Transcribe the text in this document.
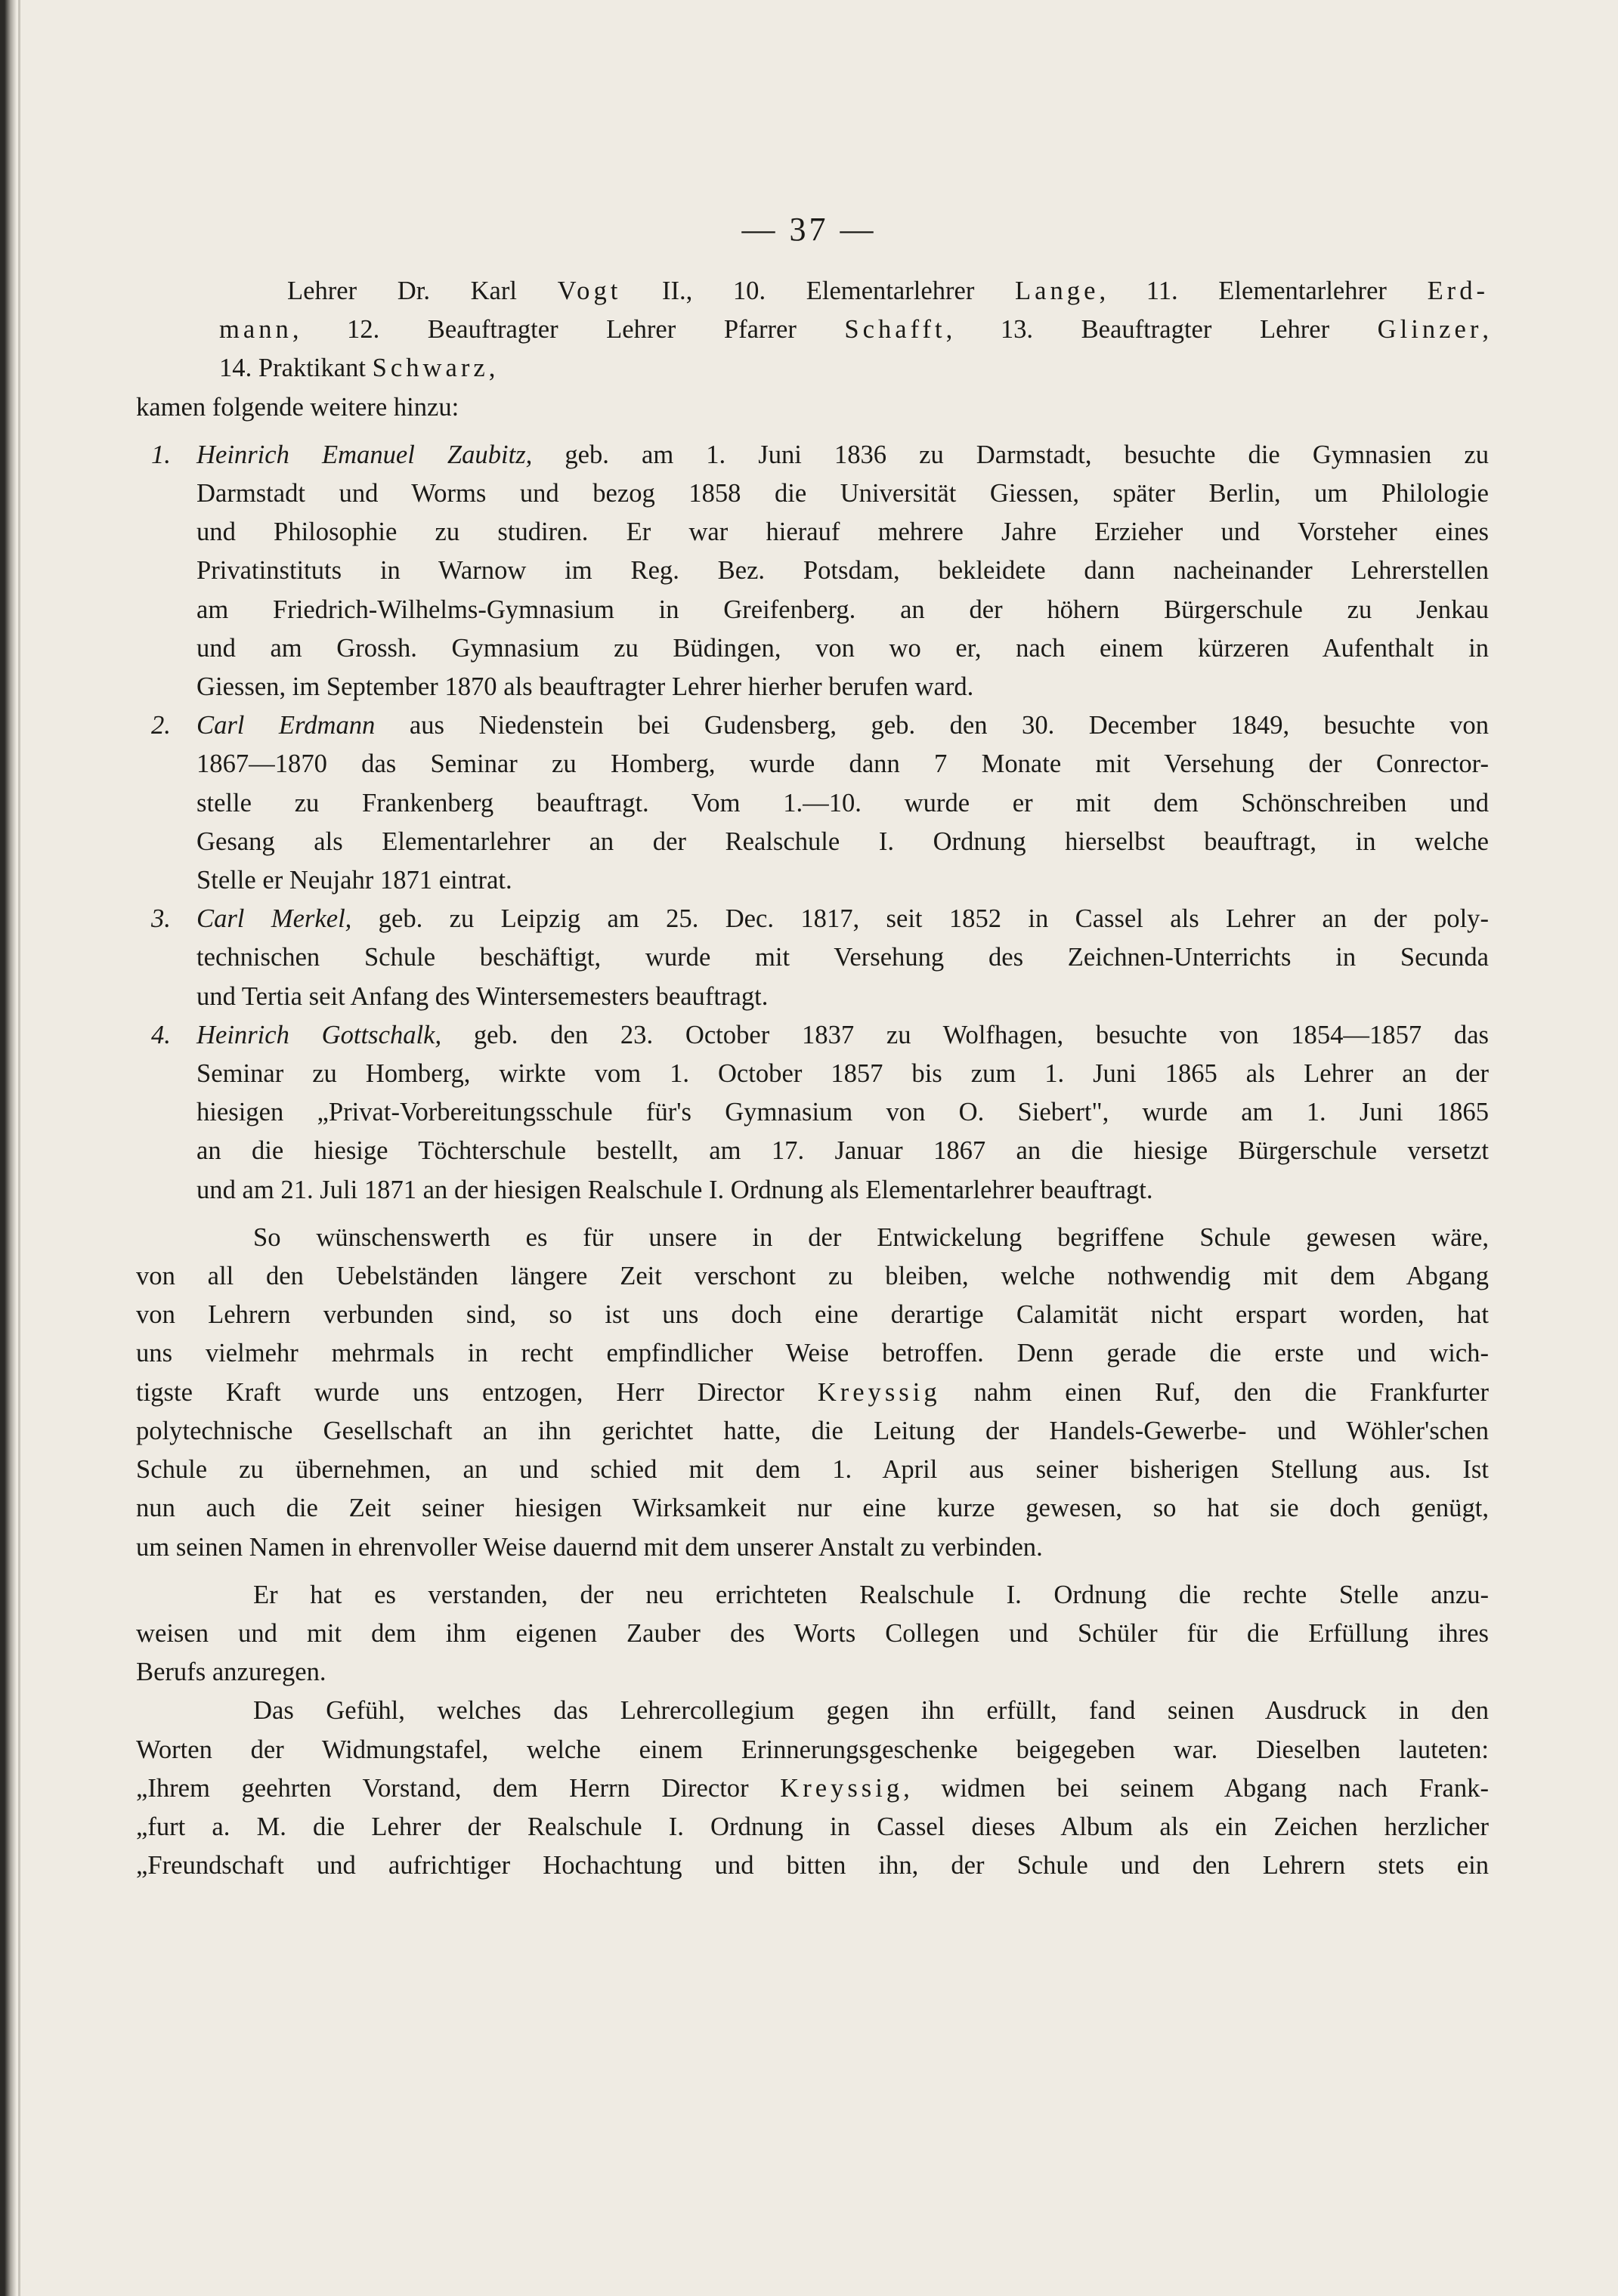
— 37 —
Lehrer Dr. Karl Vogt II., 10. Elementarlehrer Lange, 11. Elementarlehrer Erd-
mann, 12. Beauftragter Lehrer Pfarrer Schafft, 13. Beauftragter Lehrer Glinzer,
14. Praktikant Schwarz,
kamen folgende weitere hinzu:
1. Heinrich Emanuel Zaubitz, geb. am 1. Juni 1836 zu Darmstadt, besuchte die Gymnasien zu
Darmstadt und Worms und bezog 1858 die Universität Giessen, später Berlin, um Philologie
und Philosophie zu studiren. Er war hierauf mehrere Jahre Erzieher und Vorsteher eines
Privatinstituts in Warnow im Reg. Bez. Potsdam, bekleidete dann nacheinander Lehrerstellen
am Friedrich-Wilhelms-Gymnasium in Greifenberg. an der höhern Bürgerschule zu Jenkau
und am Grossh. Gymnasium zu Büdingen, von wo er, nach einem kürzeren Aufenthalt in
Giessen, im September 1870 als beauftragter Lehrer hierher berufen ward.
2. Carl Erdmann aus Niedenstein bei Gudensberg, geb. den 30. December 1849, besuchte von
1867—1870 das Seminar zu Homberg, wurde dann 7 Monate mit Versehung der Conrector-
stelle zu Frankenberg beauftragt. Vom 1.—10. wurde er mit dem Schönschreiben und
Gesang als Elementarlehrer an der Realschule I. Ordnung hierselbst beauftragt, in welche
Stelle er Neujahr 1871 eintrat.
3. Carl Merkel, geb. zu Leipzig am 25. Dec. 1817, seit 1852 in Cassel als Lehrer an der poly-
technischen Schule beschäftigt, wurde mit Versehung des Zeichnen-Unterrichts in Secunda
und Tertia seit Anfang des Wintersemesters beauftragt.
4. Heinrich Gottschalk, geb. den 23. October 1837 zu Wolfhagen, besuchte von 1854—1857 das
Seminar zu Homberg, wirkte vom 1. October 1857 bis zum 1. Juni 1865 als Lehrer an der
hiesigen „Privat-Vorbereitungsschule für's Gymnasium von O. Siebert", wurde am 1. Juni 1865
an die hiesige Töchterschule bestellt, am 17. Januar 1867 an die hiesige Bürgerschule versetzt
und am 21. Juli 1871 an der hiesigen Realschule I. Ordnung als Elementarlehrer beauftragt.
So wünschenswerth es für unsere in der Entwickelung begriffene Schule gewesen wäre,
von all den Uebelständen längere Zeit verschont zu bleiben, welche nothwendig mit dem Abgang
von Lehrern verbunden sind, so ist uns doch eine derartige Calamität nicht erspart worden, hat
uns vielmehr mehrmals in recht empfindlicher Weise betroffen. Denn gerade die erste und wich-
tigste Kraft wurde uns entzogen, Herr Director Kreyssig nahm einen Ruf, den die Frankfurter
polytechnische Gesellschaft an ihn gerichtet hatte, die Leitung der Handels-Gewerbe- und Wöhler'schen
Schule zu übernehmen, an und schied mit dem 1. April aus seiner bisherigen Stellung aus. Ist
nun auch die Zeit seiner hiesigen Wirksamkeit nur eine kurze gewesen, so hat sie doch genügt,
um seinen Namen in ehrenvoller Weise dauernd mit dem unserer Anstalt zu verbinden.
Er hat es verstanden, der neu errichteten Realschule I. Ordnung die rechte Stelle anzu-
weisen und mit dem ihm eigenen Zauber des Worts Collegen und Schüler für die Erfüllung ihres
Berufs anzuregen.
Das Gefühl, welches das Lehrercollegium gegen ihn erfüllt, fand seinen Ausdruck in den
Worten der Widmungstafel, welche einem Erinnerungsgeschenke beigegeben war. Dieselben lauteten:
„Ihrem geehrten Vorstand, dem Herrn Director Kreyssig, widmen bei seinem Abgang nach Frank-
„furt a. M. die Lehrer der Realschule I. Ordnung in Cassel dieses Album als ein Zeichen herzlicher
„Freundschaft und aufrichtiger Hochachtung und bitten ihn, der Schule und den Lehrern stets ein
